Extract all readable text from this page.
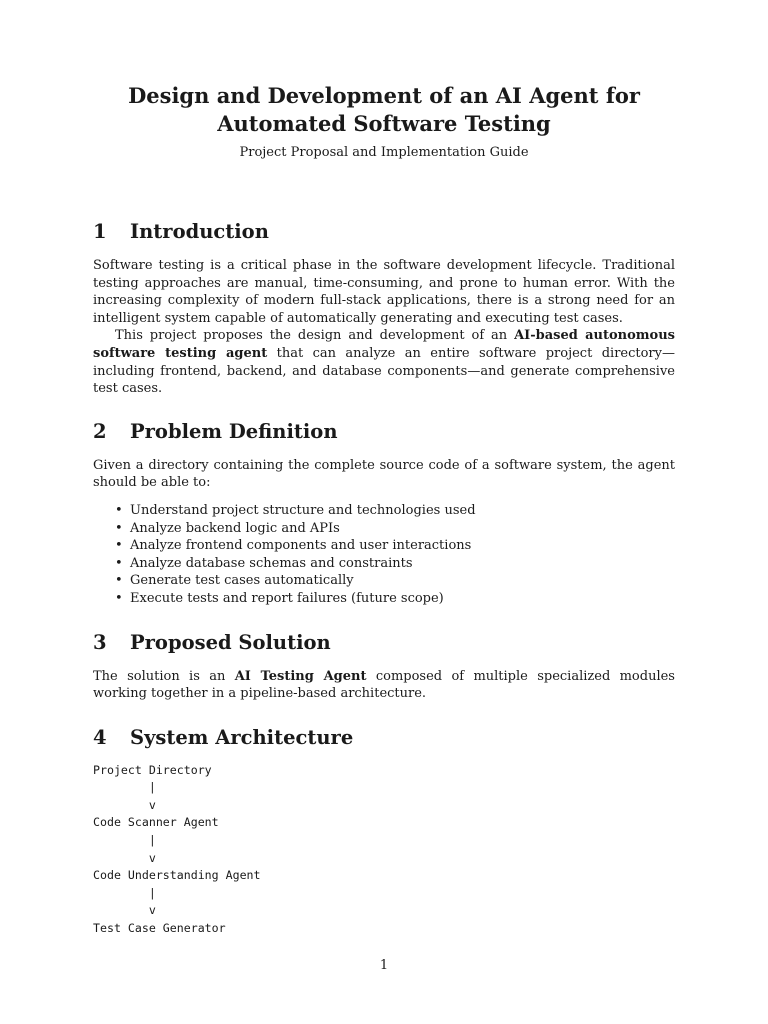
Design and Development of an AI Agent for
Automated Software Testing
Project Proposal and Implementation Guide
1	Introduction

Software testing is a critical phase in the software development lifecycle. Traditional testing approaches are manual, time-consuming, and prone to human error. With the increasing complexity of modern full-stack applications, there is a strong need for an intelligent system capable of automatically generating and executing test cases.

This project proposes the design and development of an AI-based autonomous software testing agent that can analyze an entire software project directory—including frontend, backend, and database components—and generate comprehensive test cases.

2	Problem Definition

Given a directory containing the complete source code of a software system, the agent should be able to:

• Understand project structure and technologies used
• Analyze backend logic and APIs
• Analyze frontend components and user interactions
• Analyze database schemas and constraints
• Generate test cases automatically
• Execute tests and report failures (future scope)
3	Proposed Solution

The solution is an AI Testing Agent composed of multiple specialized modules working together in a pipeline-based architecture.

4	System Architecture
Project Directory
|
v
Code Scanner Agent
|
v
Code Understanding Agent
|
v
Test Case Generator
1
